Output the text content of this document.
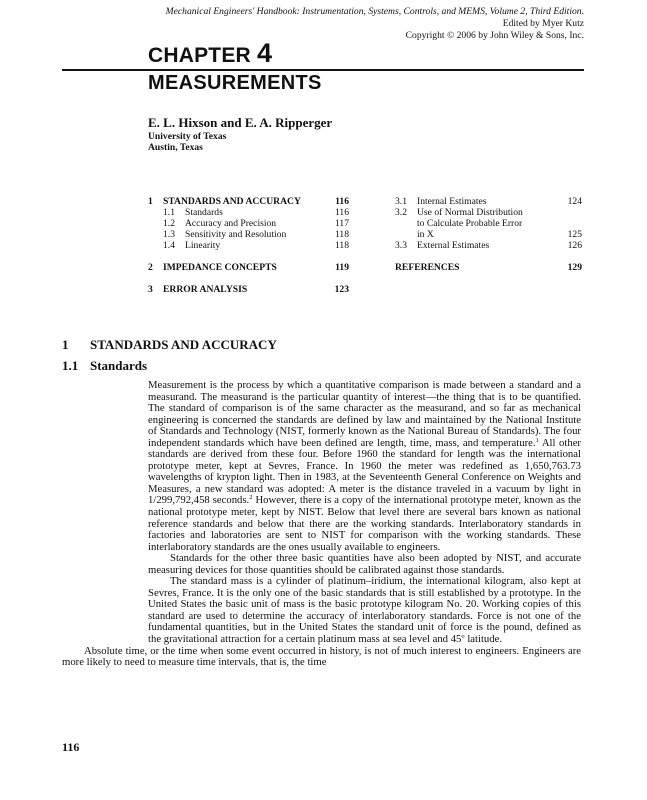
Mechanical Engineers' Handbook: Instrumentation, Systems, Controls, and MEMS, Volume 2, Third Edition.
Edited by Myer Kutz
Copyright © 2006 by John Wiley & Sons, Inc.
CHAPTER 4
MEASUREMENTS
E. L. Hixson and E. A. Ripperger
University of Texas
Austin, Texas
1 STANDARDS AND ACCURACY	116
1.1 Standards	116
1.2 Accuracy and Precision	117
1.3 Sensitivity and Resolution	118
1.4 Linearity	118
2 IMPEDANCE CONCEPTS	119
3 ERROR ANALYSIS	123
3.1 Internal Estimates	124
3.2 Use of Normal Distribution
to Calculate Probable Error
in X	125
3.3 External Estimates	126
REFERENCES	129
1 STANDARDS AND ACCURACY
1.1 Standards

Measurement is the process by which a quantitative comparison is made between a standard and a measurand. The measurand is the particular quantity of interest—the thing that is to be quantified. The standard of comparison is of the same character as the measurand, and so far as mechanical engineering is concerned the standards are defined by law and maintained by the National Institute of Standards and Technology (NIST, formerly known as the National Bureau of Standards). The four independent standards which have been defined are length, time, mass, and temperature.$^1$ All other standards are derived from these four. Before 1960 the standard for length was the international prototype meter, kept at Sevres, France. In 1960 the meter was redefined as 1,650,763.73 wavelengths of krypton light. Then in 1983, at the Seventeenth General Conference on Weights and Measures, a new standard was adopted: A meter is the distance traveled in a vacuum by light in 1/299,792,458 seconds.$^2$ However, there is a copy of the international prototype meter, known as the national prototype meter, kept by NIST. Below that level there are several bars known as national reference standards and below that there are the working standards. Interlaboratory standards in factories and laboratories are sent to NIST for comparison with the working standards. These interlaboratory standards are the ones usually available to engineers.

Standards for the other three basic quantities have also been adopted by NIST, and accurate measuring devices for those quantities should be calibrated against those standards.

The standard mass is a cylinder of platinum–iridium, the international kilogram, also kept at Sevres, France. It is the only one of the basic standards that is still established by a prototype. In the United States the basic unit of mass is the basic prototype kilogram No. 20. Working copies of this standard are used to determine the accuracy of interlaboratory standards. Force is not one of the fundamental quantities, but in the United States the standard unit of force is the pound, defined as the gravitational attraction for a certain platinum mass at sea level and 45$^o$ latitude.

Absolute time, or the time when some event occurred in history, is not of much interest to engineers. Engineers are more likely to need to measure time intervals, that is, the time

116
